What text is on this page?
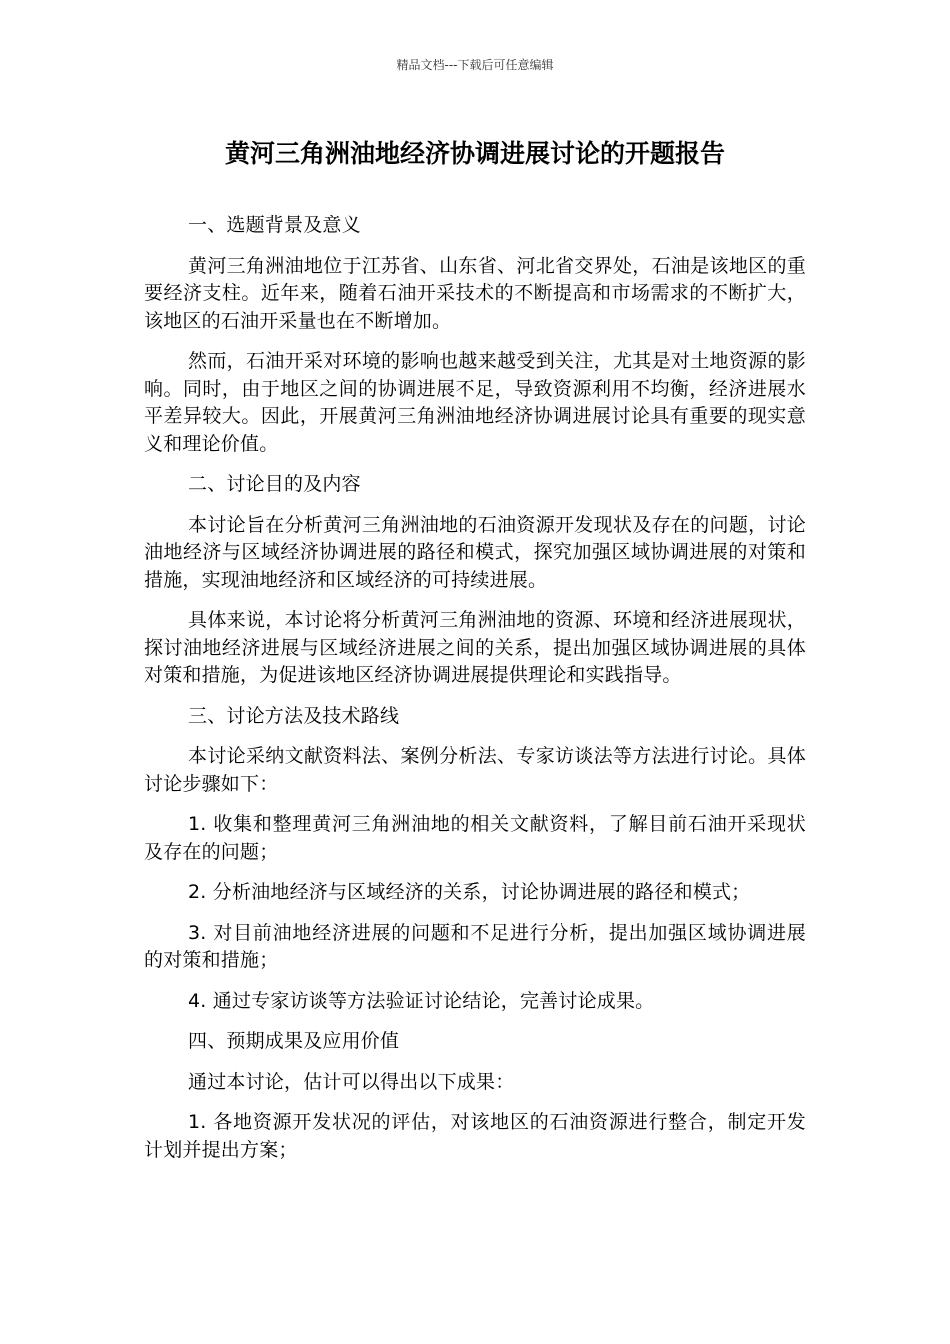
精品文档---下载后可任意编辑
黄河三角洲油地经济协调进展讨论的开题报告

一、选题背景及意义

黄河三角洲油地位于江苏省、山东省、河北省交界处，石油是该地区的重要经济支柱。近年来，随着石油开采技术的不断提高和市场需求的不断扩大，该地区的石油开采量也在不断增加。

然而，石油开采对环境的影响也越来越受到关注，尤其是对土地资源的影响。同时，由于地区之间的协调进展不足，导致资源利用不均衡，经济进展水平差异较大。因此，开展黄河三角洲油地经济协调进展讨论具有重要的现实意义和理论价值。

二、讨论目的及内容

本讨论旨在分析黄河三角洲油地的石油资源开发现状及存在的问题，讨论油地经济与区域经济协调进展的路径和模式，探究加强区域协调进展的对策和措施，实现油地经济和区域经济的可持续进展。

具体来说，本讨论将分析黄河三角洲油地的资源、环境和经济进展现状，探讨油地经济进展与区域经济进展之间的关系，提出加强区域协调进展的具体对策和措施，为促进该地区经济协调进展提供理论和实践指导。

三、讨论方法及技术路线

本讨论采纳文献资料法、案例分析法、专家访谈法等方法进行讨论。具体讨论步骤如下：

1. 收集和整理黄河三角洲油地的相关文献资料，了解目前石油开采现状及存在的问题；

2. 分析油地经济与区域经济的关系，讨论协调进展的路径和模式；

3. 对目前油地经济进展的问题和不足进行分析，提出加强区域协调进展的对策和措施；

4. 通过专家访谈等方法验证讨论结论，完善讨论成果。

四、预期成果及应用价值

通过本讨论，估计可以得出以下成果：

1. 各地资源开发状况的评估，对该地区的石油资源进行整合，制定开发计划并提出方案；
